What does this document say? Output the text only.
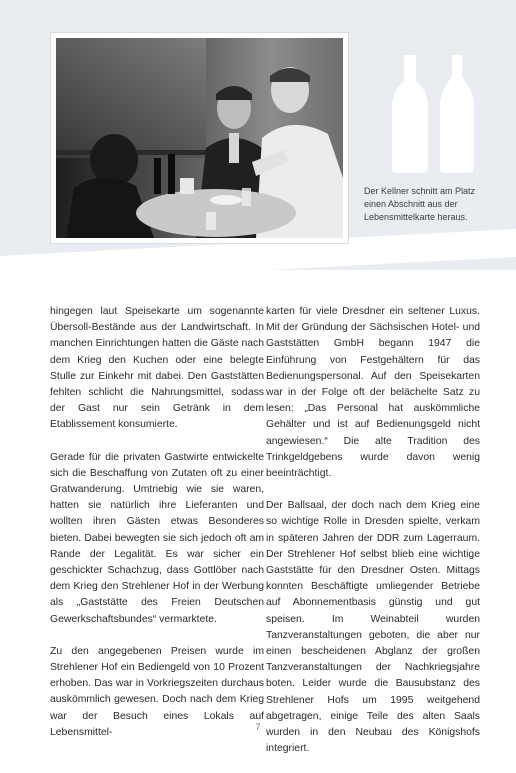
Der Kellner schnitt am Platz einen Abschnitt aus der Lebensmittelkarte heraus.

hingegen laut Speisekarte um sogenannte Übersoll-Bestände aus der Landwirtschaft. In manchen Einrichtungen hatten die Gäste nach dem Krieg den Kuchen oder eine belegte Stulle zur Einkehr mit dabei. Den Gaststätten fehlten schlicht die Nahrungsmittel, sodass der Gast nur sein Getränk in dem Etablissement konsumierte.

Gerade für die privaten Gastwirte entwickelte sich die Beschaffung von Zutaten oft zu einer Gratwanderung. Umtriebig wie sie waren, hatten sie natürlich ihre Lieferanten und wollten ihren Gästen etwas Besonderes bieten. Dabei bewegten sie sich jedoch oft am Rande der Legalität. Es war sicher ein geschickter Schachzug, dass Gottlöber nach dem Krieg den Strehlener Hof in der Werbung als „Gaststätte des Freien Deutschen Gewerkschaftsbundes“ vermarktete.

Zu den angegebenen Preisen wurde im Strehlener Hof ein Bediengeld von 10 Prozent erhoben. Das war in Vorkriegszeiten durchaus auskömmlich gewesen. Doch nach dem Krieg war der Besuch eines Lokals auf Lebensmittel-

karten für viele Dresdner ein seltener Luxus. Mit der Gründung der Sächsischen Hotel- und Gaststätten GmbH begann 1947 die Einführung von Festgehältern für das Bedienungspersonal. Auf den Speisekarten war in der Folge oft der belächelte Satz zu lesen: „Das Personal hat auskömmliche Gehälter und ist auf Bedienungsgeld nicht angewiesen.“ Die alte Tradition des Trinkgeldgebens wurde davon wenig beeinträchtigt.

Der Ballsaal, der doch nach dem Krieg eine so wichtige Rolle in Dresden spielte, verkam in späteren Jahren der DDR zum Lagerraum. Der Strehlener Hof selbst blieb eine wichtige Gaststätte für den Dresdner Osten. Mittags konnten Beschäftigte umliegender Betriebe auf Abonnementbasis günstig und gut speisen. Im Weinabteil wurden Tanzveranstaltungen geboten, die aber nur einen bescheidenen Abglanz der großen Tanzveranstaltungen der Nachkriegsjahre boten. Leider wurde die Bausubstanz des Strehlener Hofs um 1995 weitgehend abgetragen, einige Teile des alten Saals wurden in den Neubau des Königshofs integriert.

7
